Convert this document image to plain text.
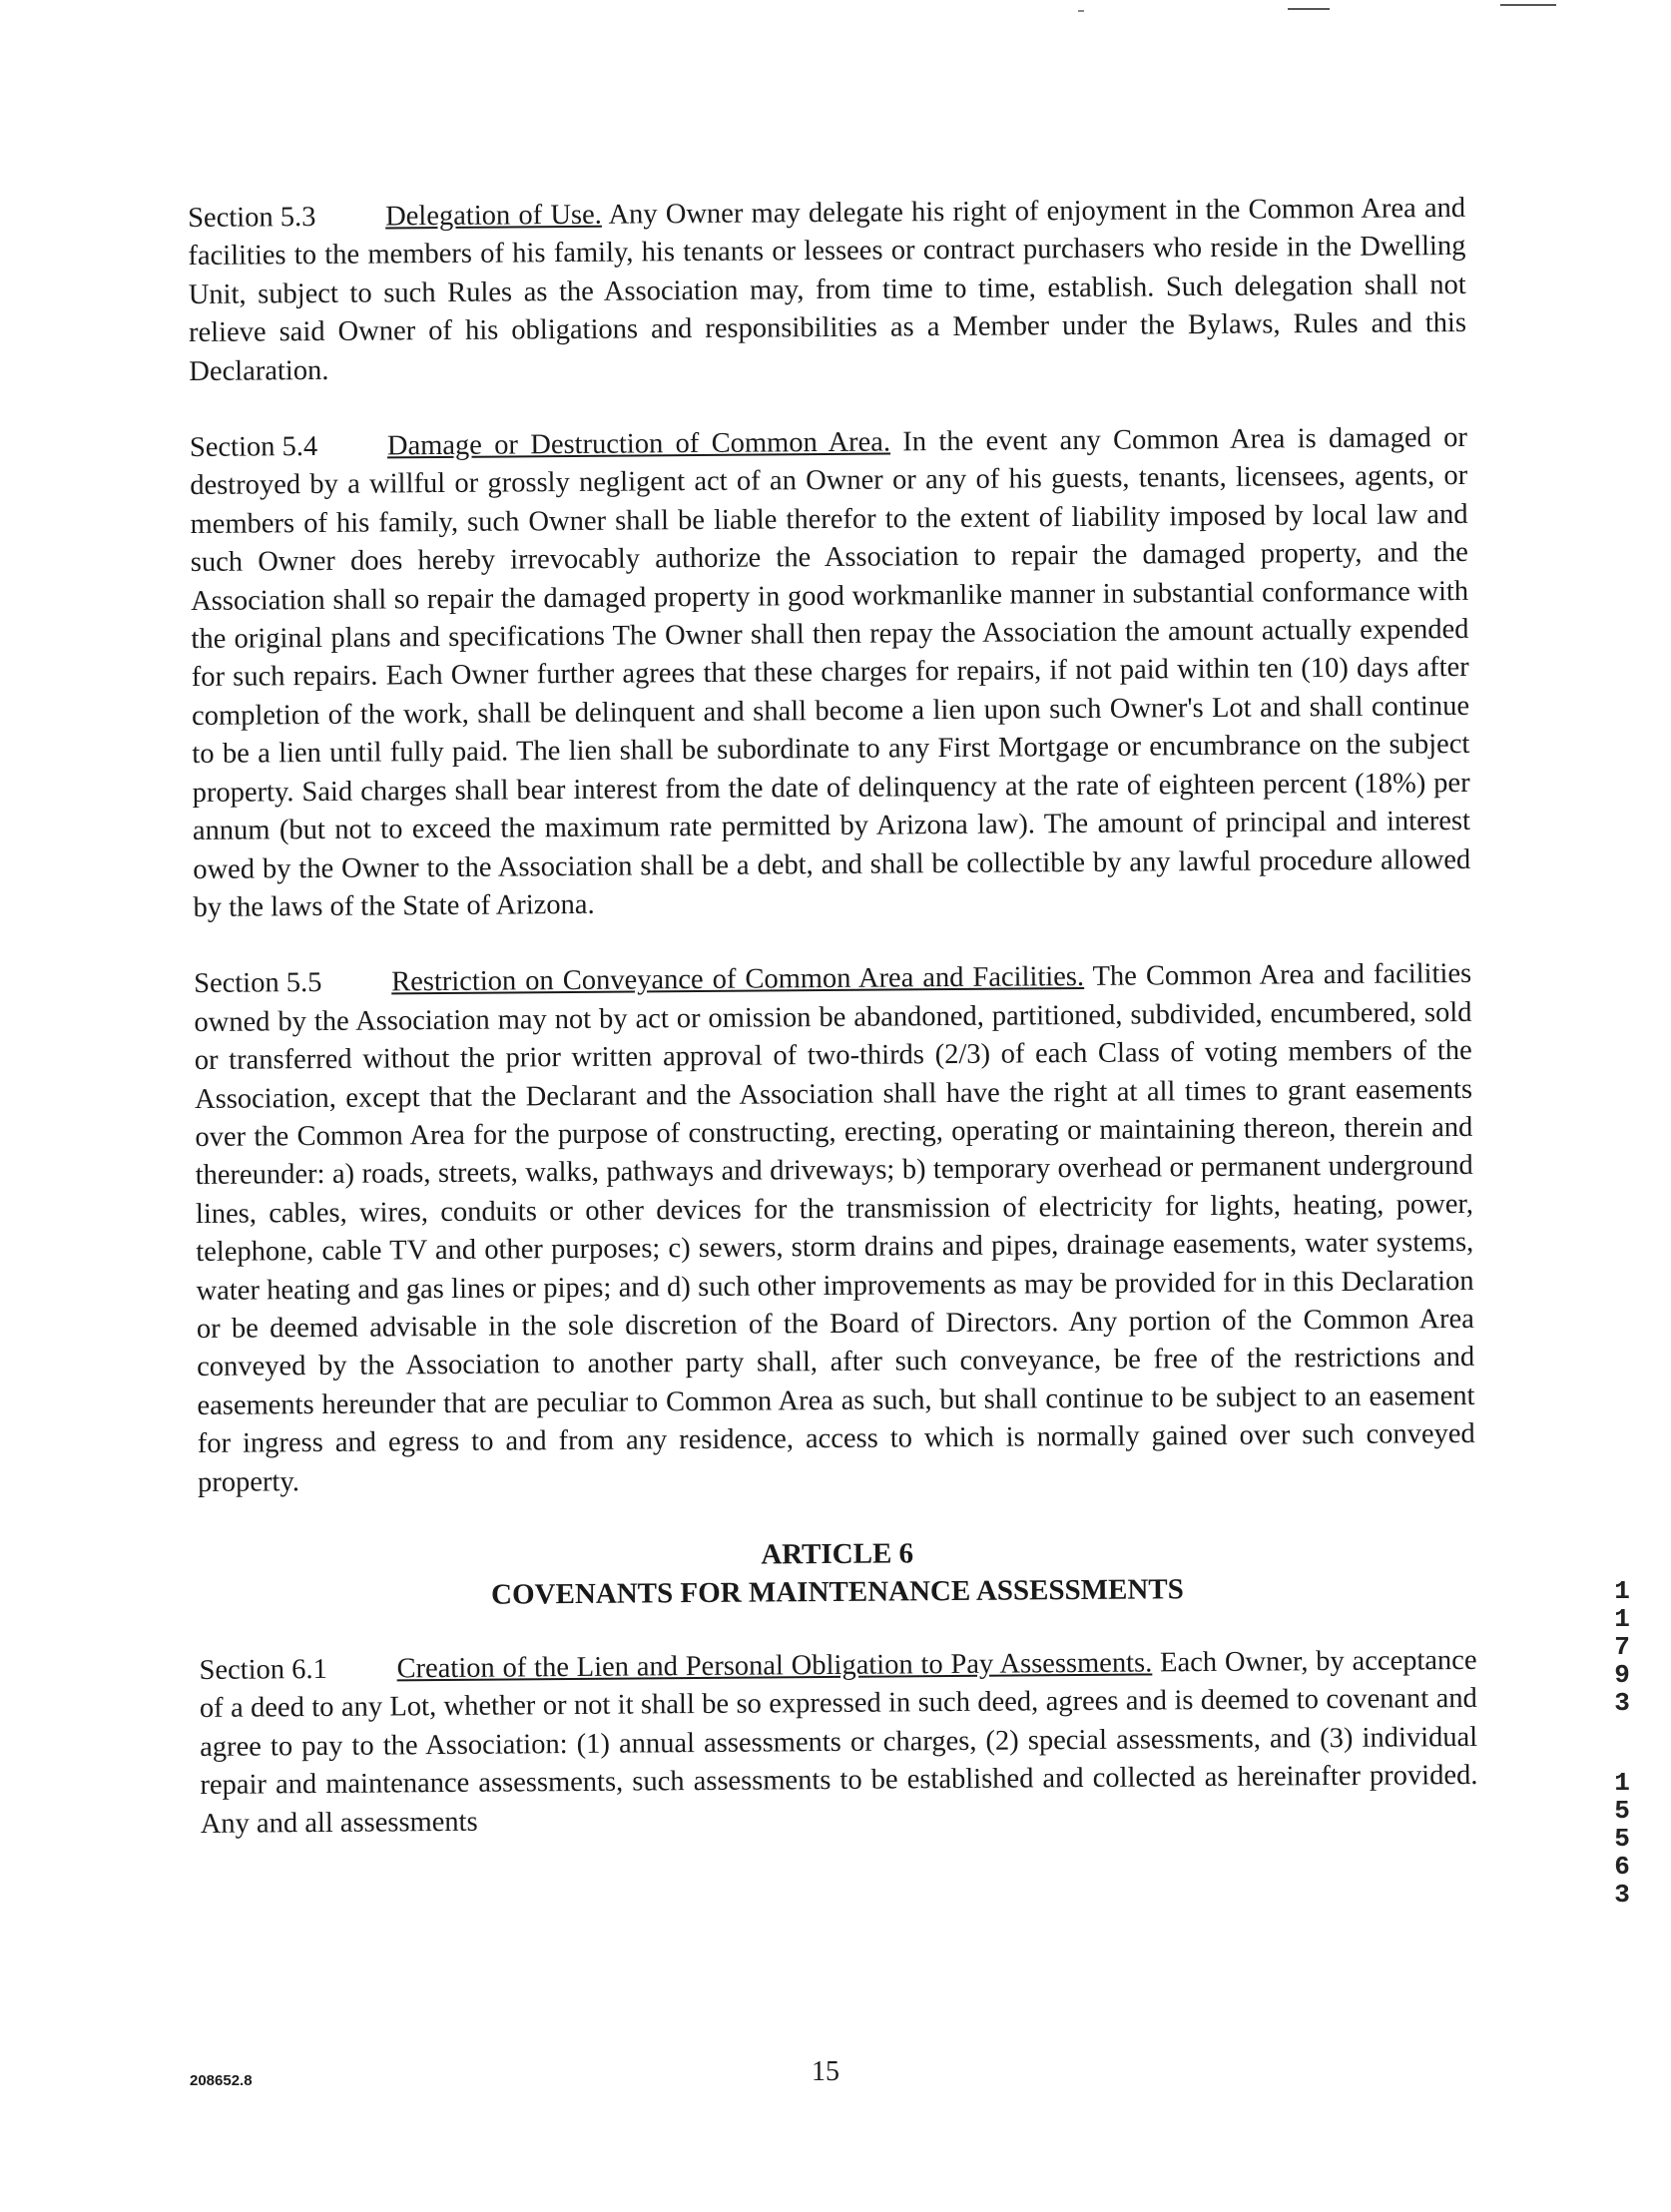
Section 5.3 Delegation of Use. Any Owner may delegate his right of enjoyment in the Common Area and facilities to the members of his family, his tenants or lessees or contract purchasers who reside in the Dwelling Unit, subject to such Rules as the Association may, from time to time, establish. Such delegation shall not relieve said Owner of his obligations and responsibilities as a Member under the Bylaws, Rules and this Declaration.

Section 5.4 Damage or Destruction of Common Area. In the event any Common Area is damaged or destroyed by a willful or grossly negligent act of an Owner or any of his guests, tenants, licensees, agents, or members of his family, such Owner shall be liable therefor to the extent of liability imposed by local law and such Owner does hereby irrevocably authorize the Association to repair the damaged property, and the Association shall so repair the damaged property in good workmanlike manner in substantial conformance with the original plans and specifications The Owner shall then repay the Association the amount actually expended for such repairs. Each Owner further agrees that these charges for repairs, if not paid within ten (10) days after completion of the work, shall be delinquent and shall become a lien upon such Owner's Lot and shall continue to be a lien until fully paid. The lien shall be subordinate to any First Mortgage or encumbrance on the subject property. Said charges shall bear interest from the date of delinquency at the rate of eighteen percent (18%) per annum (but not to exceed the maximum rate permitted by Arizona law). The amount of principal and interest owed by the Owner to the Association shall be a debt, and shall be collectible by any lawful procedure allowed by the laws of the State of Arizona.

Section 5.5 Restriction on Conveyance of Common Area and Facilities. The Common Area and facilities owned by the Association may not by act or omission be abandoned, partitioned, subdivided, encumbered, sold or transferred without the prior written approval of two-thirds (2/3) of each Class of voting members of the Association, except that the Declarant and the Association shall have the right at all times to grant easements over the Common Area for the purpose of constructing, erecting, operating or maintaining thereon, therein and thereunder: a) roads, streets, walks, pathways and driveways; b) temporary overhead or permanent underground lines, cables, wires, conduits or other devices for the transmission of electricity for lights, heating, power, telephone, cable TV and other purposes; c) sewers, storm drains and pipes, drainage easements, water systems, water heating and gas lines or pipes; and d) such other improvements as may be provided for in this Declaration or be deemed advisable in the sole discretion of the Board of Directors. Any portion of the Common Area conveyed by the Association to another party shall, after such conveyance, be free of the restrictions and easements hereunder that are peculiar to Common Area as such, but shall continue to be subject to an easement for ingress and egress to and from any residence, access to which is normally gained over such conveyed property.

ARTICLE 6
COVENANTS FOR MAINTENANCE ASSESSMENTS

Section 6.1 Creation of the Lien and Personal Obligation to Pay Assessments. Each Owner, by acceptance of a deed to any Lot, whether or not it shall be so expressed in such deed, agrees and is deemed to covenant and agree to pay to the Association: (1) annual assessments or charges, (2) special assessments, and (3) individual repair and maintenance assessments, such assessments to be established and collected as hereinafter provided. Any and all assessments

208652.8	15
1
1
7
9
3
1
5
5
6
3
